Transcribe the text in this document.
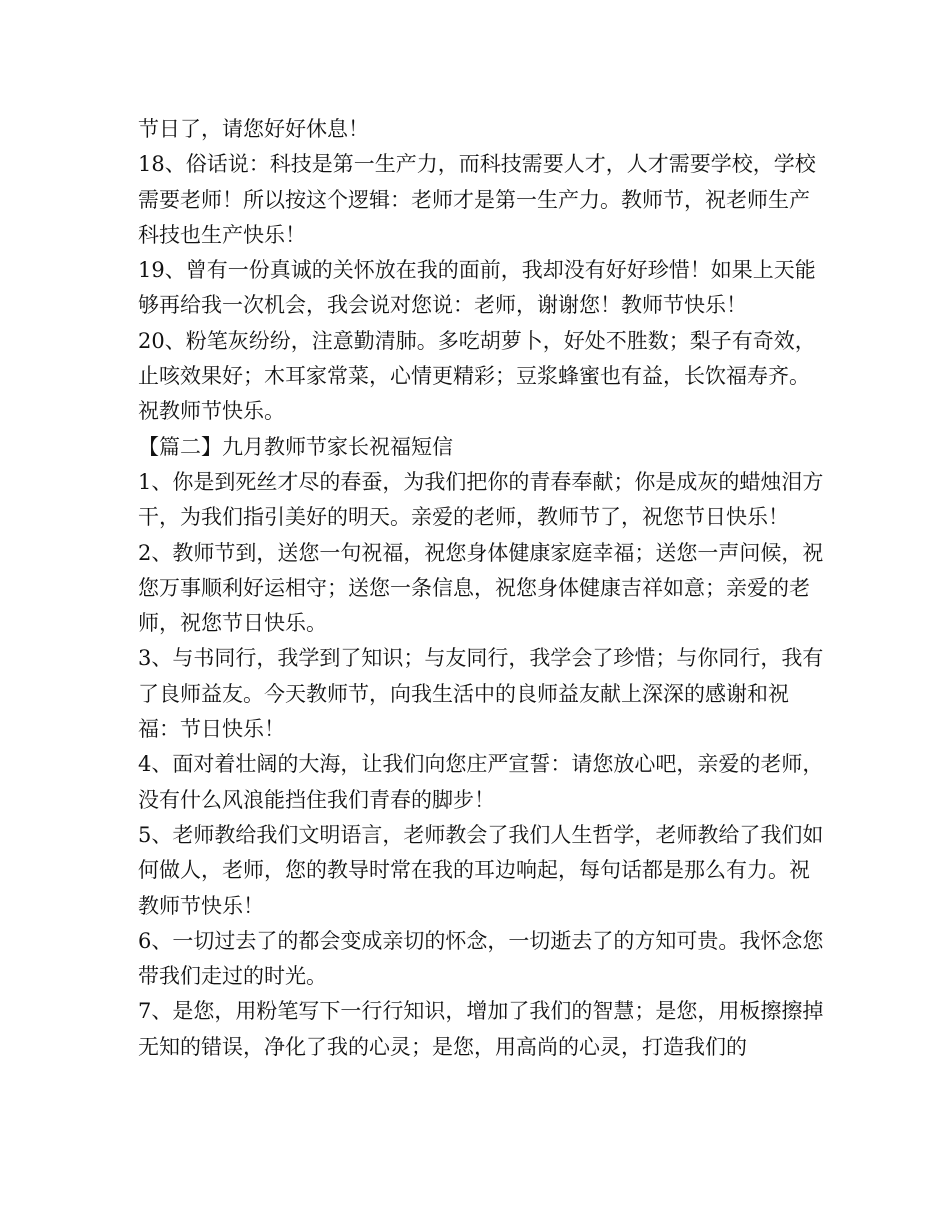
节日了，请您好好休息！

18、俗话说：科技是第一生产力，而科技需要人才，人才需要学校，学校需要老师！所以按这个逻辑：老师才是第一生产力。教师节，祝老师生产科技也生产快乐！

19、曾有一份真诚的关怀放在我的面前，我却没有好好珍惜！如果上天能够再给我一次机会，我会说对您说：老师，谢谢您！教师节快乐！

20、粉笔灰纷纷，注意勤清肺。多吃胡萝卜，好处不胜数；梨子有奇效，止咳效果好；木耳家常菜，心情更精彩；豆浆蜂蜜也有益，长饮福寿齐。祝教师节快乐。

【篇二】九月教师节家长祝福短信

1、你是到死丝才尽的春蚕，为我们把你的青春奉献；你是成灰的蜡烛泪方干，为我们指引美好的明天。亲爱的老师，教师节了，祝您节日快乐！

2、教师节到，送您一句祝福，祝您身体健康家庭幸福；送您一声问候，祝您万事顺利好运相守；送您一条信息，祝您身体健康吉祥如意；亲爱的老师，祝您节日快乐。

3、与书同行，我学到了知识；与友同行，我学会了珍惜；与你同行，我有了良师益友。今天教师节，向我生活中的良师益友献上深深的感谢和祝福：节日快乐！

4、面对着壮阔的大海，让我们向您庄严宣誓：请您放心吧，亲爱的老师，没有什么风浪能挡住我们青春的脚步！

5、老师教给我们文明语言，老师教会了我们人生哲学，老师教给了我们如何做人，老师，您的教导时常在我的耳边响起，每句话都是那么有力。祝教师节快乐！

6、一切过去了的都会变成亲切的怀念，一切逝去了的方知可贵。我怀念您带我们走过的时光。

7、是您，用粉笔写下一行行知识，增加了我们的智慧；是您，用板擦擦掉无知的错误，净化了我的心灵；是您，用高尚的心灵，打造我们的
